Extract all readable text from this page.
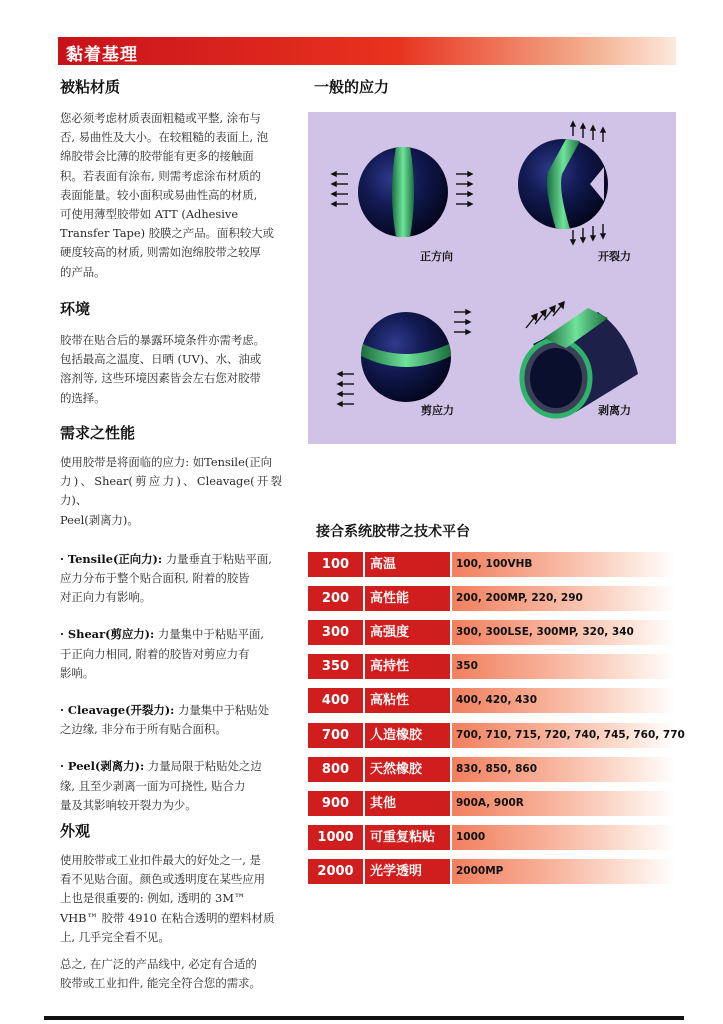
黏着基理
被粘材质

您必须考虑材质表面粗糙或平整, 涂布与
否, 易曲性及大小。在较粗糙的表面上, 泡
绵胶带会比薄的胶带能有更多的接触面
积。若表面有涂布, 则需考虑涂布材质的
表面能量。较小面积或易曲性高的材质,
可使用薄型胶带如 ATT (Adhesive
Transfer Tape) 胶膜之产品。面积较大或
硬度较高的材质, 则需如泡绵胶带之较厚
的产品。

环境

胶带在贴合后的暴露环境条件亦需考虑。
包括最高之温度、日晒 (UV)、水、油或
溶剂等, 这些环境因素皆会左右您对胶带
的选择。

需求之性能

使用胶带是将面临的应力: 如Tensile(正向
力)、Shear(剪应力)、Cleavage(开裂力)、
Peel(剥离力)。

· Tensile(正向力): 力量垂直于粘贴平面,
应力分布于整个贴合面积, 附着的胶皆
对正向力有影响。

· Shear(剪应力): 力量集中于粘贴平面,
于正向力相同, 附着的胶皆对剪应力有
影响。

· Cleavage(开裂力): 力量集中于粘贴处
之边缘, 非分布于所有贴合面积。

· Peel(剥离力): 力量局限于粘贴处之边
缘, 且至少剥离一面为可挠性, 贴合力
量及其影响较开裂力为少。

外观

使用胶带或工业扣件最大的好处之一, 是
看不见贴合面。颜色或透明度在某些应用
上也是很重要的: 例如, 透明的 3M™
VHB™ 胶带 4910 在粘合透明的塑料材质
上, 几乎完全看不见。

总之, 在广泛的产品线中, 必定有合适的
胶带或工业扣件, 能完全符合您的需求。

一般的应力
正方向	开裂力
剪应力	剥离力
接合系统胶带之技术平台
100	高温	100, 100VHB
200	高性能	200, 200MP, 220, 290
300	高强度	300, 300LSE, 300MP, 320, 340
350	高持性	350
400	高粘性	400, 420, 430
700	人造橡胶	700, 710, 715, 720, 740, 745, 760, 770
800	天然橡胶	830, 850, 860
900	其他	900A, 900R
1000	可重复粘贴	1000
2000	光学透明	2000MP
